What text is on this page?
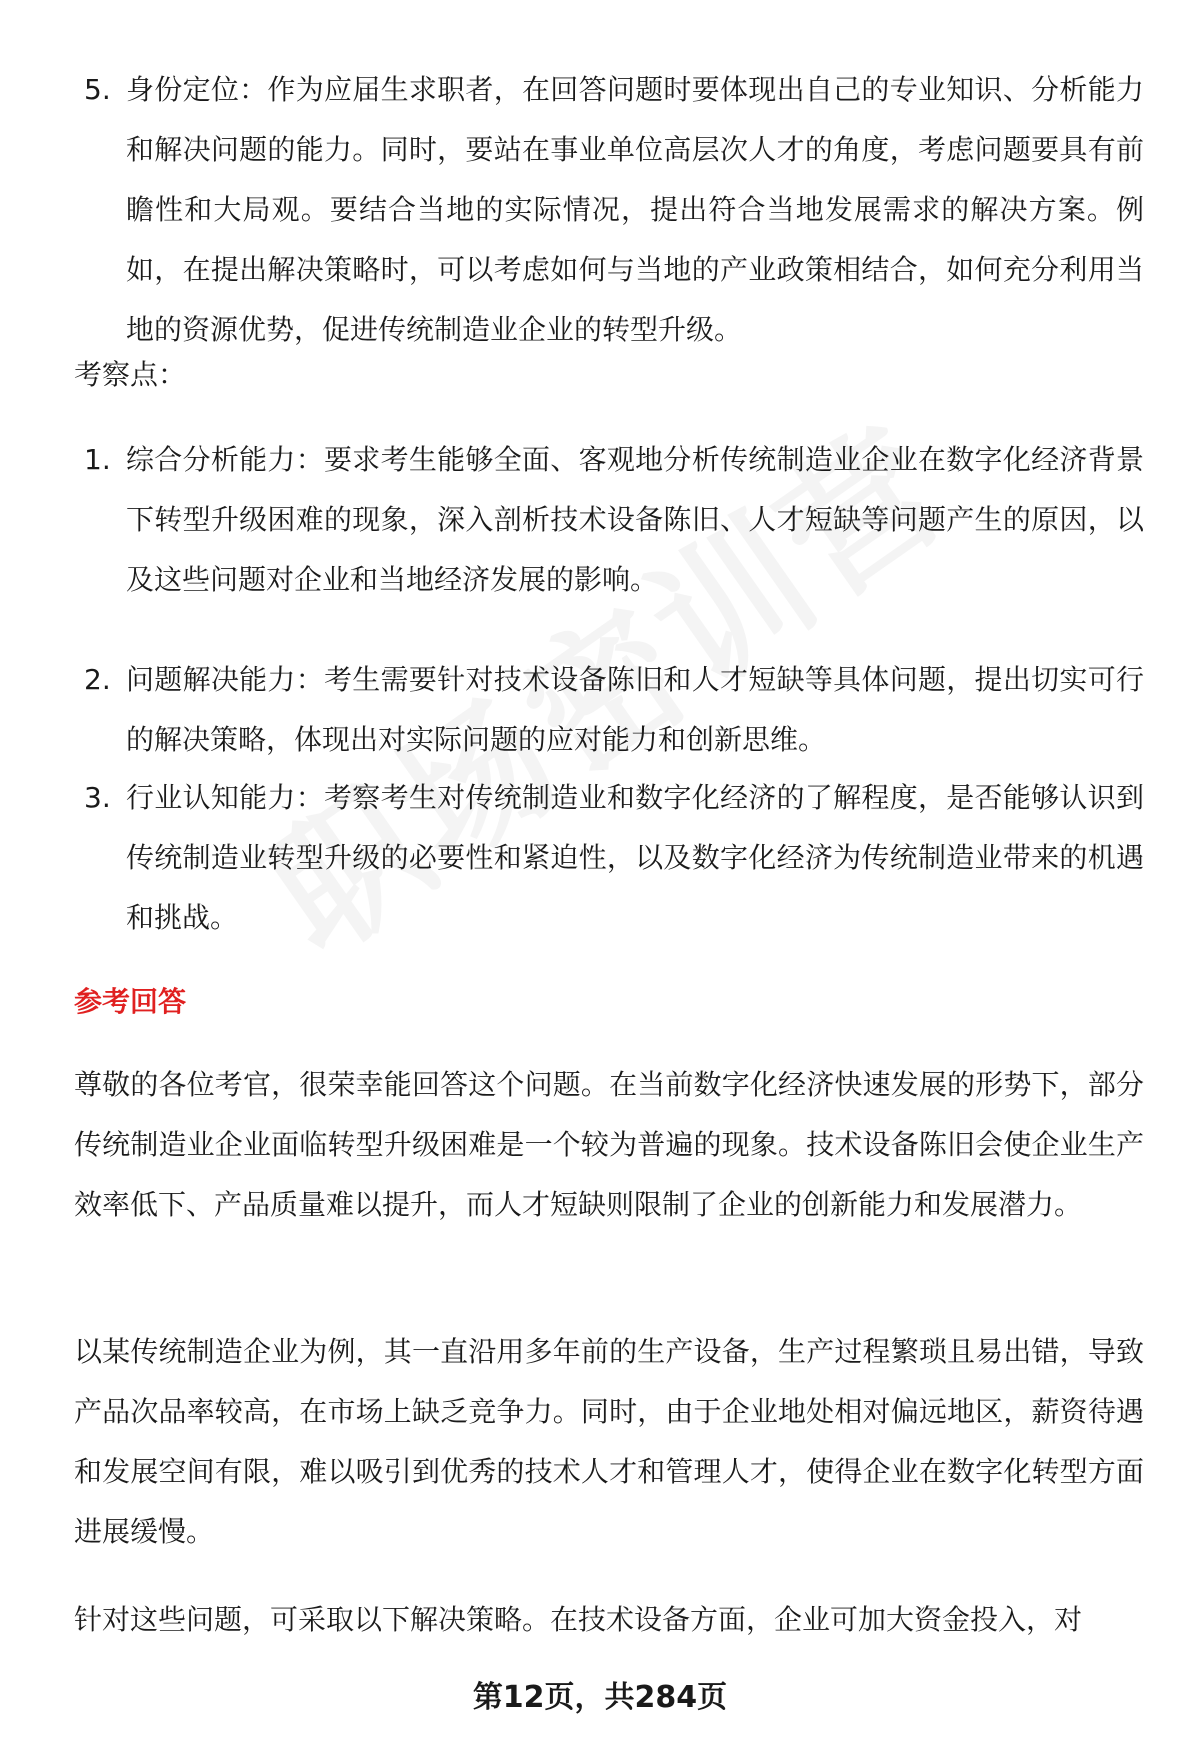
5. 身份定位：作为应届生求职者，在回答问题时要体现出自己的专业知识、分析能力和解决问题的能力。同时，要站在事业单位高层次人才的角度，考虑问题要具有前瞻性和大局观。要结合当地的实际情况，提出符合当地发展需求的解决方案。例如，在提出解决策略时，可以考虑如何与当地的产业政策相结合，如何充分利用当地的资源优势，促进传统制造业企业的转型升级。
考察点：
1. 综合分析能力：要求考生能够全面、客观地分析传统制造业企业在数字化经济背景下转型升级困难的现象，深入剖析技术设备陈旧、人才短缺等问题产生的原因，以及这些问题对企业和当地经济发展的影响。
2. 问题解决能力：考生需要针对技术设备陈旧和人才短缺等具体问题，提出切实可行的解决策略，体现出对实际问题的应对能力和创新思维。
3. 行业认知能力：考察考生对传统制造业和数字化经济的了解程度，是否能够认识到传统制造业转型升级的必要性和紧迫性，以及数字化经济为传统制造业带来的机遇和挑战。
参考回答
尊敬的各位考官，很荣幸能回答这个问题。在当前数字化经济快速发展的形势下，部分传统制造业企业面临转型升级困难是一个较为普遍的现象。技术设备陈旧会使企业生产效率低下、产品质量难以提升，而人才短缺则限制了企业的创新能力和发展潜力。
以某传统制造企业为例，其一直沿用多年前的生产设备，生产过程繁琐且易出错，导致产品次品率较高，在市场上缺乏竞争力。同时，由于企业地处相对偏远地区，薪资待遇和发展空间有限，难以吸引到优秀的技术人才和管理人才，使得企业在数字化转型方面进展缓慢。
针对这些问题，可采取以下解决策略。在技术设备方面，企业可加大资金投入，对
第12页，共284页
